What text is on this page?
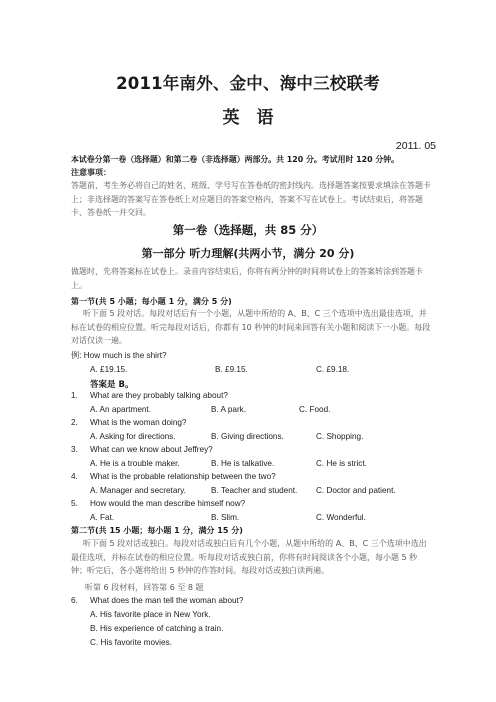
2011年南外、金中、海中三校联考
英　语
2011. 05
本试卷分第一卷（选择题）和第二卷（非选择题）两部分。共 120 分。考试用时 120 分钟。
注意事项：
答题前，考生务必将自己的姓名、班级、学号写在答卷纸的密封线内。选择题答案按要求填涂在答题卡上；非选择题的答案写在答卷纸上对应题目的答案空格内，答案不写在试卷上。考试结束后，将答题卡、答卷纸一并交回。
第一卷（选择题，共 85 分）
第一部分 听力理解(共两小节，满分 20 分)
做题时，先将答案标在试卷上。录音内容结束后，你将有两分钟的时间将试卷上的答案转涂到答题卡上。
第一节(共 5 小题；每小题 1 分，满分 5 分)
听下面 5 段对话。每段对话后有一个小题，从题中所给的 A、B、C 三个选项中选出最佳选项，并标在试卷的相应位置。听完每段对话后，你都有 10 秒钟的时间来回答有关小题和阅读下一小题。每段对话仅读一遍。
例: How much is the shirt?
A. £19.15.	B. £9.15.	C. £9.18.
答案是 B。
1. What are they probably talking about?
A. An apartment.	B. A park.	C. Food.
2. What is the woman doing?
A. Asking for directions.	B. Giving directions.	C. Shopping.
3. What can we know about Jeffrey?
A. He is a trouble maker.	B. He is talkative.	C. He is strict.
4. What is the probable relationship between the two?
A. Manager and secretary.	B. Teacher and student. C. Doctor and patient.
5. How would the man describe himself now?
A. Fat.	B. Slim.	C. Wonderful.
第二节(共 15 小题；每小题 1 分，满分 15 分)
听下面 5 段对话或独白。每段对话或独白后有几个小题，从题中所给的 A、B、C 三个选项中选出最佳选项，并标在试卷的相应位置。听每段对话或独白前，你将有时间阅读各个小题，每小题 5 秒钟；听完后，各小题将给出 5 秒钟的作答时间。每段对话或独白读两遍。
听第 6 段材料，回答第 6 至 8 题
6. What does the man tell the woman about?
A. His favorite place in New York.
B. His experience of catching a train.
C. His favorite movies.
